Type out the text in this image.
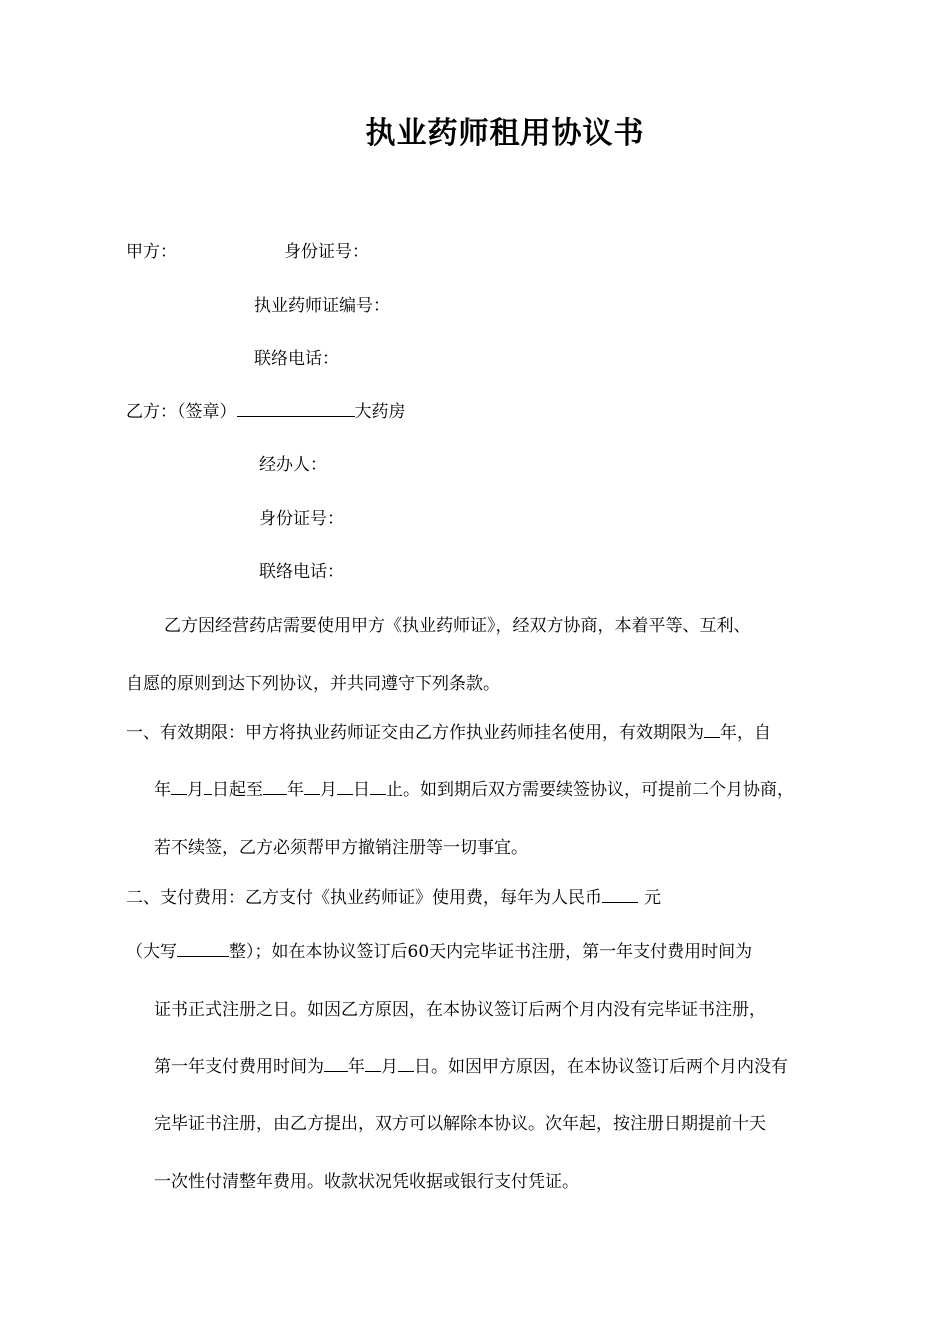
执业药师租用协议书
甲方：	身份证号：
执业药师证编号：
联络电话：
乙方：（签章）	大药房
经办人：
身份证号：
联络电话：
乙方因经营药店需要使用甲方《执业药师证》，经双方协商，本着平等、互利、
自愿的原则到达下列协议，并共同遵守下列条款。
一、有效期限：甲方将执业药师证交由乙方作执业药师挂名使用，有效期限为 年，自
年 月 日起至 年 月 日 止。如到期后双方需要续签协议，可提前二个月协商，
若不续签，乙方必须帮甲方撤销注册等一切事宜。
二、支付费用：乙方支付《执业药师证》使用费，每年为人民币 元
（大写	整）；如在本协议签订后60天内完毕证书注册，第一年支付费用时间为
证书正式注册之日。如因乙方原因，在本协议签订后两个月内没有完毕证书注册，
第一年支付费用时间为 年 月 日。如因甲方原因，在本协议签订后两个月内没有
完毕证书注册，由乙方提出，双方可以解除本协议。次年起，按注册日期提前十天
一次性付清整年费用。收款状况凭收据或银行支付凭证。
